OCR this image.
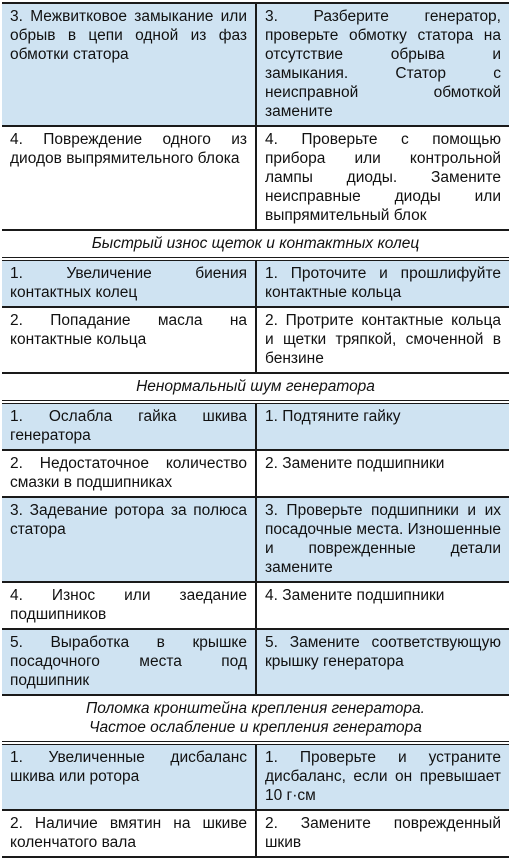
3. Межвитковое замыкание или обрыв в цепи одной из фаз обмотки статора
3. Разберите генератор, проверьте обмотку статора на отсутствие обрыва и замыкания. Статор с неисправной обмоткой замените
4. Повреждение одного из диодов выпрямительного блока
4. Проверьте с помощью прибора или контрольной лампы диоды. Замените неисправные диоды или выпрямительный блок
Быстрый износ щеток и контактных колец
1. Увеличение биения контактных колец
1. Проточите и прошлифуйте контактные кольца
2. Попадание масла на контактные кольца
2. Протрите контактные кольца и щетки тряпкой, смоченной в бензине
Ненормальный шум генератора
1. Ослабла гайка шкива генератора
1. Подтяните гайку
2. Недостаточное количество смазки в подшипниках
2. Замените подшипники
3. Задевание ротора за полюса статора
3. Проверьте подшипники и их посадочные места. Изношенные и поврежденные детали замените
4. Износ или заедание подшипников
4. Замените подшипники
5. Выработка в крышке посадочного места под подшипник
5. Замените соответствующую крышку генератора
Поломка кронштейна крепления генератора.
Частое ослабление и крепления генератора
1. Увеличенные дисбаланс шкива или ротора
1. Проверьте и устраните дисбаланс, если он превышает 10 г·см
2. Наличие вмятин на шкиве коленчатого вала
2. Замените поврежденный шкив
